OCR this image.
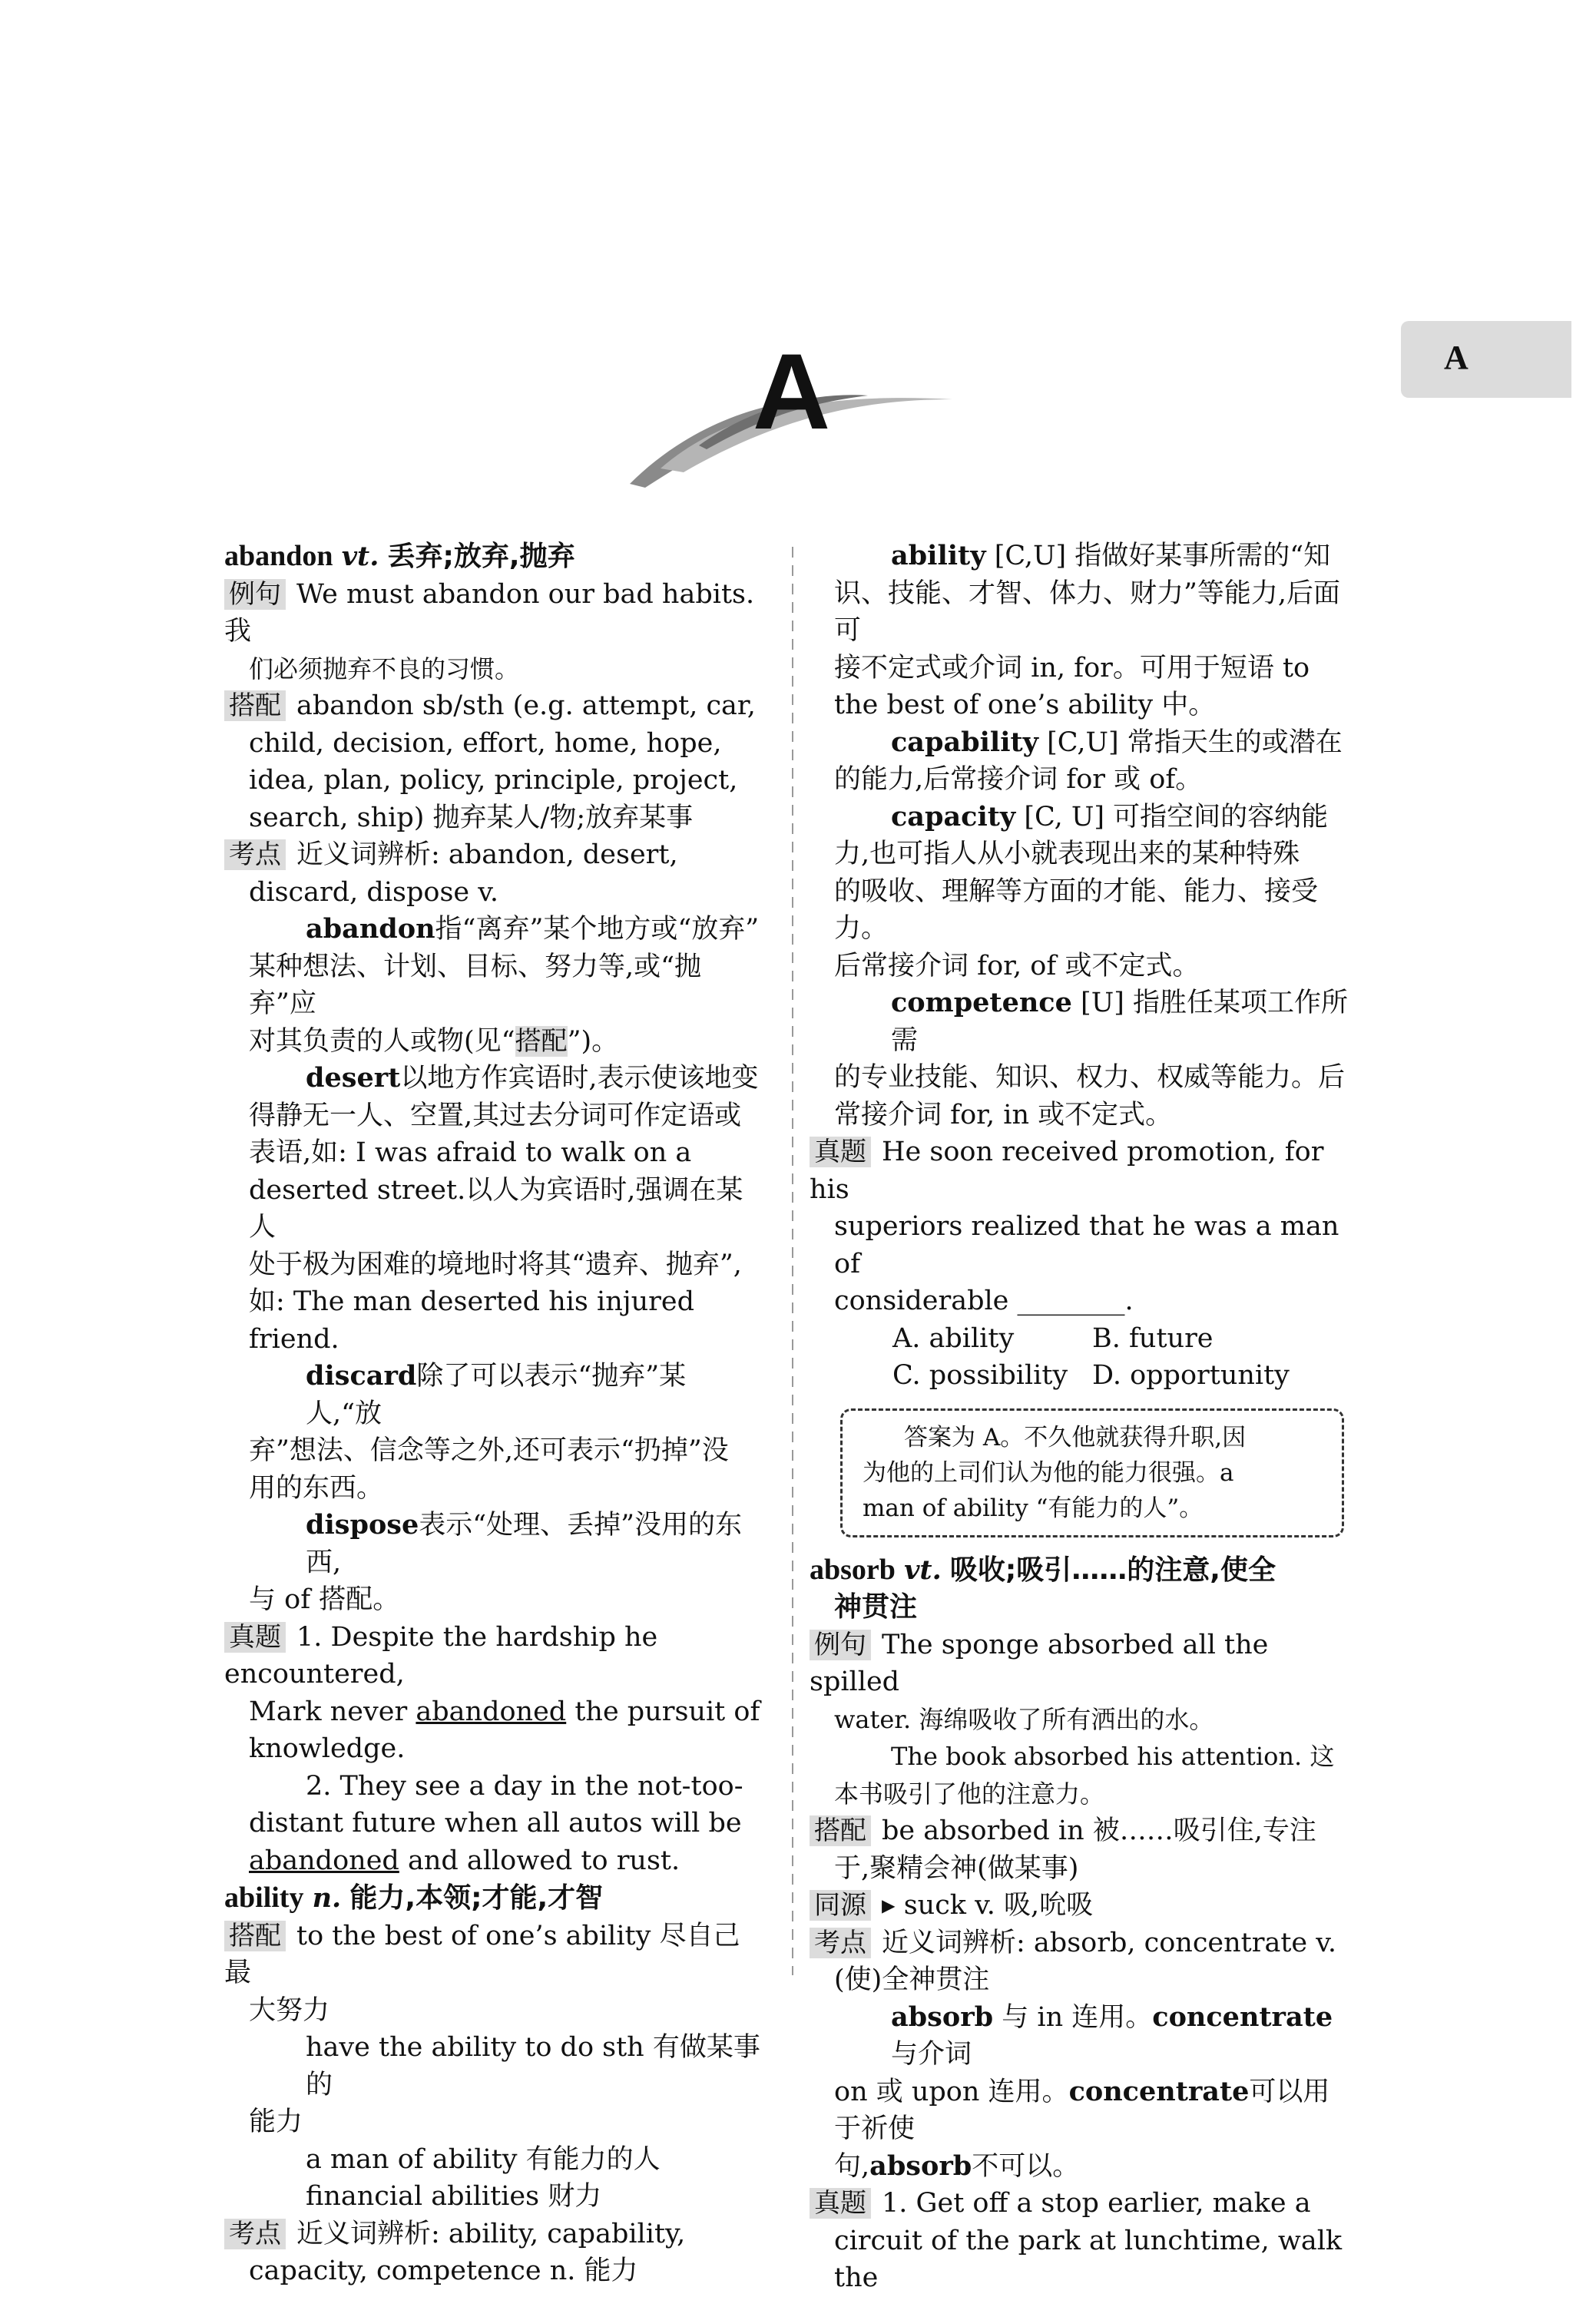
A
A
abandon vt. 丢弃;放弃,抛弃
例句 We must abandon our bad habits. 我
们必须抛弃不良的习惯。
搭配 abandon sb/sth (e.g. attempt, car,
child, decision, effort, home, hope,
idea, plan, policy, principle, project,
search, ship) 抛弃某人/物;放弃某事
考点 近义词辨析: abandon, desert,
discard, dispose v.
abandon指“离弃”某个地方或“放弃”
某种想法、计划、目标、努力等,或“抛弃”应
对其负责的人或物(见“搭配”)。
desert以地方作宾语时,表示使该地变
得静无一人、空置,其过去分词可作定语或
表语,如: I was afraid to walk on a
deserted street.以人为宾语时,强调在某人
处于极为困难的境地时将其“遗弃、抛弃”,
如: The man deserted his injured friend.
discard除了可以表示“抛弃”某人,“放
弃”想法、信念等之外,还可表示“扔掉”没
用的东西。
dispose表示“处理、丢掉”没用的东西,
与 of 搭配。
真题 1. Despite the hardship he encountered,
Mark never abandoned the pursuit of
knowledge.
2. They see a day in the not-too-
distant future when all autos will be
abandoned and allowed to rust.
ability n. 能力,本领;才能,才智
搭配 to the best of one’s ability 尽自己最
大努力
have the ability to do sth 有做某事的
能力
a man of ability 有能力的人
financial abilities 财力
考点 近义词辨析: ability, capability,
capacity, competence n. 能力
ability [C,U] 指做好某事所需的“知
识、技能、才智、体力、财力”等能力,后面可
接不定式或介词 in, for。可用于短语 to
the best of one’s ability 中。
capability [C,U] 常指天生的或潜在
的能力,后常接介词 for 或 of。
capacity [C, U] 可指空间的容纳能
力,也可指人从小就表现出来的某种特殊
的吸收、理解等方面的才能、能力、接受力。
后常接介词 for, of 或不定式。
competence [U] 指胜任某项工作所需
的专业技能、知识、权力、权威等能力。后
常接介词 for, in 或不定式。
真题 He soon received promotion, for his
superiors realized that he was a man of
considerable ________.
A. ability	B. future
C. possibility D. opportunity
答案为 A。不久他就获得升职,因
为他的上司们认为他的能力很强。a
man of ability “有能力的人”。
absorb vt. 吸收;吸引……的注意,使全
神贯注
例句 The sponge absorbed all the spilled
water. 海绵吸收了所有洒出的水。
The book absorbed his attention. 这
本书吸引了他的注意力。
搭配 be absorbed in 被……吸引住,专注
于,聚精会神(做某事)
同源 ▸ suck v. 吸,吮吸
考点 近义词辨析: absorb, concentrate v.
(使)全神贯注
absorb 与 in 连用。concentrate 与介词
on 或 upon 连用。concentrate可以用于祈使
句,absorb不可以。
真题 1. Get off a stop earlier, make a
circuit of the park at lunchtime, walk the
